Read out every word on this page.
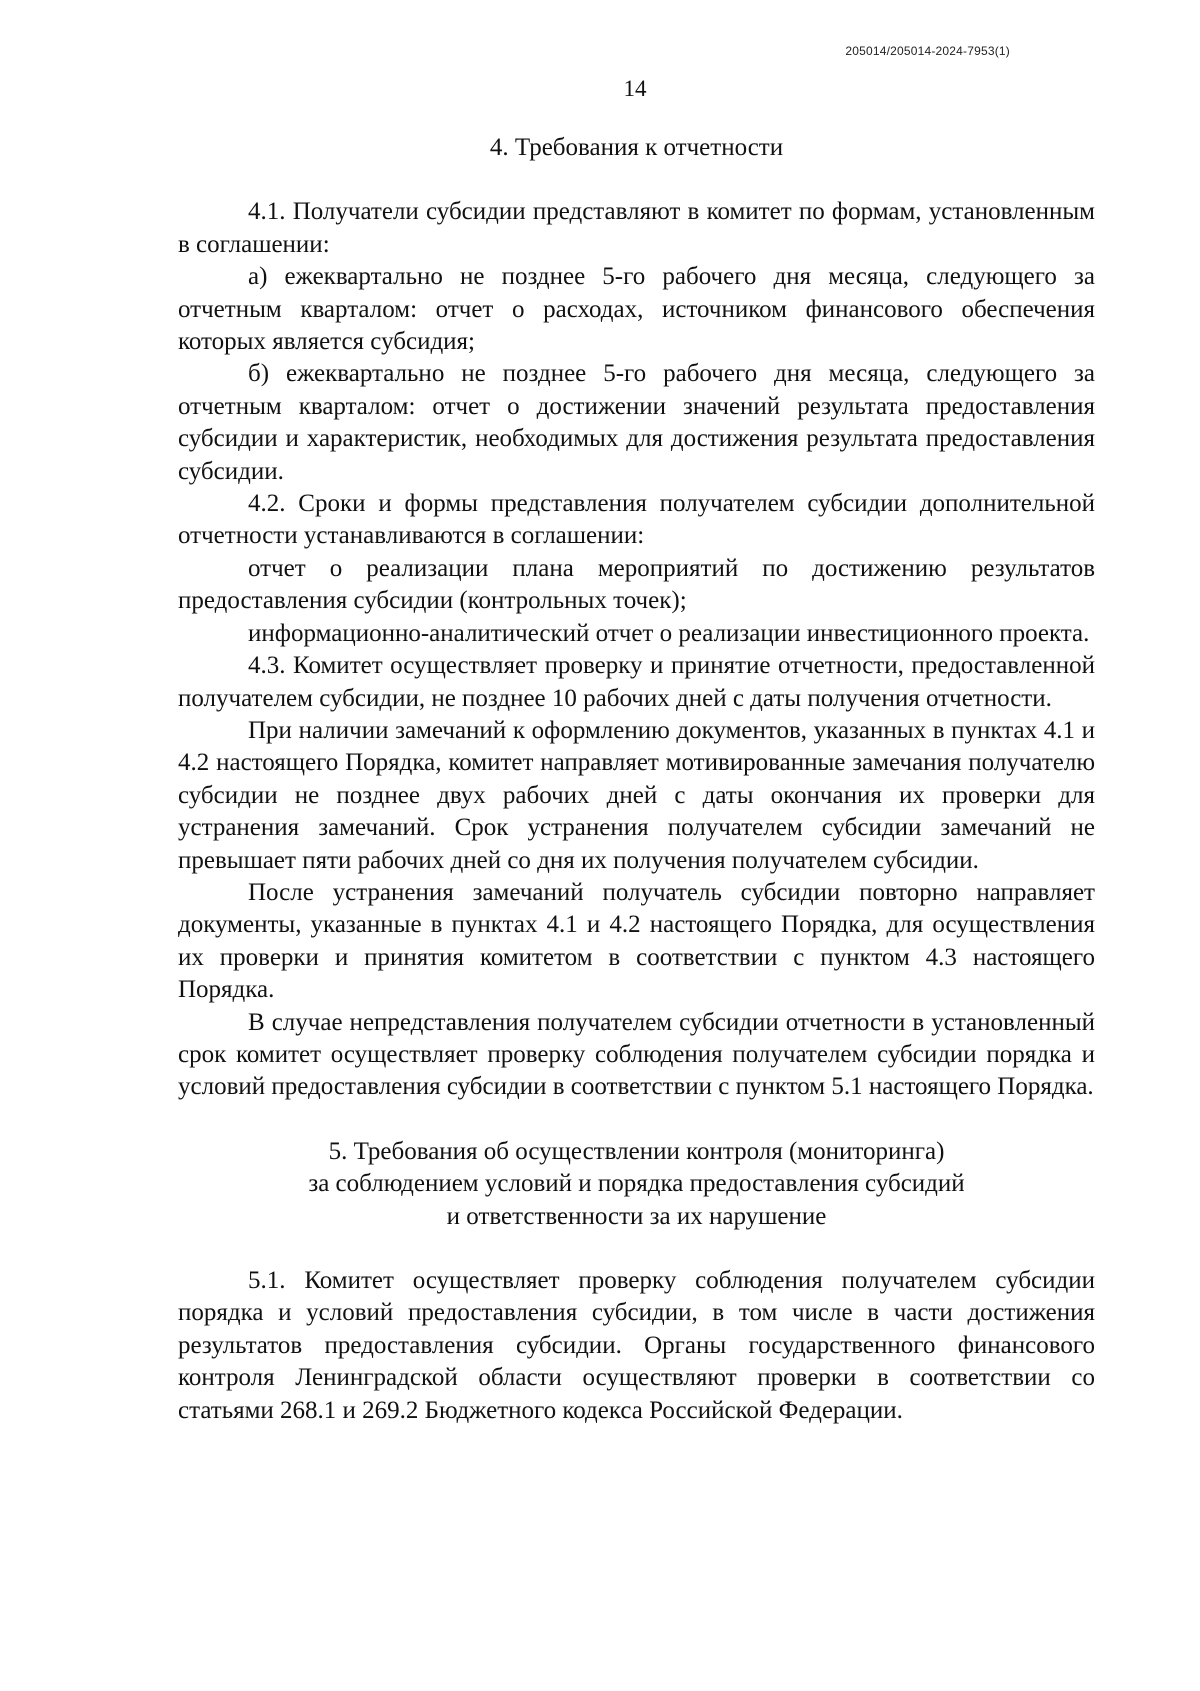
205014/205014-2024-7953(1)
14
4. Требования к отчетности

4.1. Получатели субсидии представляют в комитет по формам, установленным в соглашении:

а) ежеквартально не позднее 5-го рабочего дня месяца, следующего за отчетным кварталом: отчет о расходах, источником финансового обеспечения которых является субсидия;

б) ежеквартально не позднее 5-го рабочего дня месяца, следующего за отчетным кварталом: отчет о достижении значений результата предоставления субсидии и характеристик, необходимых для достижения результата предоставления субсидии.

4.2. Сроки и формы представления получателем субсидии дополнительной отчетности устанавливаются в соглашении:

отчет о реализации плана мероприятий по достижению результатов предоставления субсидии (контрольных точек);

информационно-аналитический отчет о реализации инвестиционного проекта.

4.3. Комитет осуществляет проверку и принятие отчетности, предоставленной получателем субсидии, не позднее 10 рабочих дней с даты получения отчетности.

При наличии замечаний к оформлению документов, указанных в пунктах 4.1 и 4.2 настоящего Порядка, комитет направляет мотивированные замечания получателю субсидии не позднее двух рабочих дней с даты окончания их проверки для устранения замечаний. Срок устранения получателем субсидии замечаний не превышает пяти рабочих дней со дня их получения получателем субсидии.

После устранения замечаний получатель субсидии повторно направляет документы, указанные в пунктах 4.1 и 4.2 настоящего Порядка, для осуществления их проверки и принятия комитетом в соответствии с пунктом 4.3 настоящего Порядка.

В случае непредставления получателем субсидии отчетности в установленный срок комитет осуществляет проверку соблюдения получателем субсидии порядка и условий предоставления субсидии в соответствии с пунктом 5.1 настоящего Порядка.

5. Требования об осуществлении контроля (мониторинга)
за соблюдением условий и порядка предоставления субсидий
и ответственности за их нарушение

5.1. Комитет осуществляет проверку соблюдения получателем субсидии порядка и условий предоставления субсидии, в том числе в части достижения результатов предоставления субсидии. Органы государственного финансового контроля Ленинградской области осуществляют проверки в соответствии со статьями 268.1 и 269.2 Бюджетного кодекса Российской Федерации.
